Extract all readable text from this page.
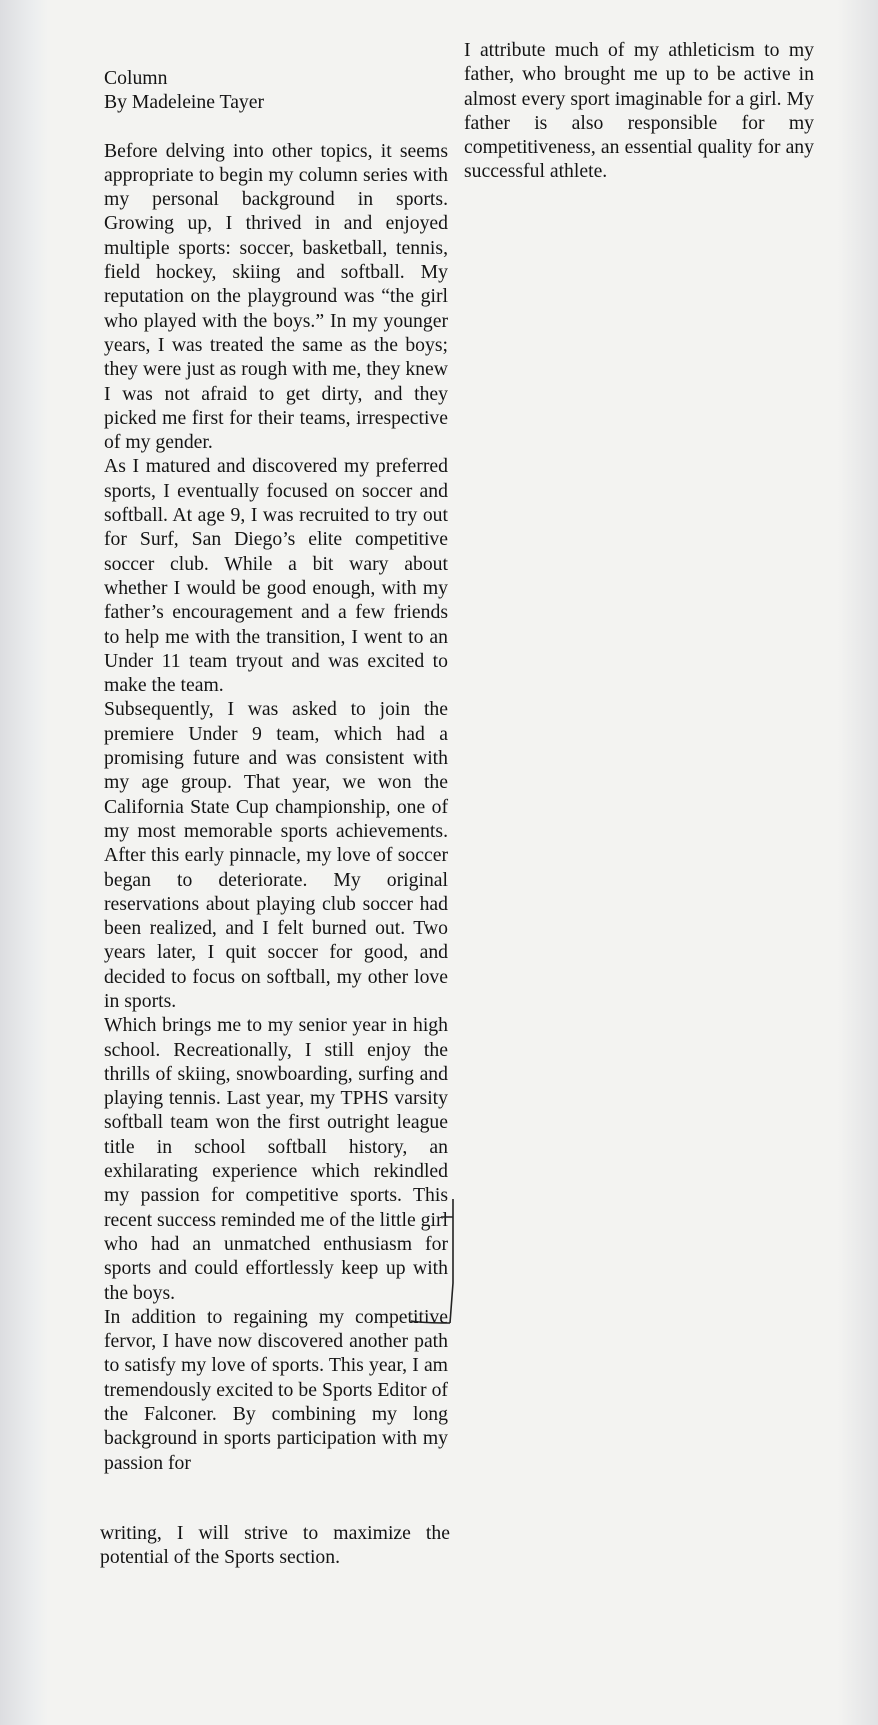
Column
By Madeleine Tayer

Before delving into other topics, it seems appropriate to begin my column series with my personal background in sports. Growing up, I thrived in and enjoyed multiple sports: soccer, basketball, tennis, field hockey, skiing and softball. My reputation on the playground was “the girl who played with the boys.” In my younger years, I was treated the same as the boys; they were just as rough with me, they knew I was not afraid to get dirty, and they picked me first for their teams, irrespective of my gender.

As I matured and discovered my preferred sports, I eventually focused on soccer and softball. At age 9, I was recruited to try out for Surf, San Diego’s elite competitive soccer club. While a bit wary about whether I would be good enough, with my father’s encouragement and a few friends to help me with the transition, I went to an Under 11 team tryout and was excited to make the team.

Subsequently, I was asked to join the premiere Under 9 team, which had a promising future and was consistent with my age group. That year, we won the California State Cup championship, one of my most memorable sports achievements. After this early pinnacle, my love of soccer began to deteriorate. My original reservations about playing club soccer had been realized, and I felt burned out. Two years later, I quit soccer for good, and decided to focus on softball, my other love in sports.

Which brings me to my senior year in high school. Recreationally, I still enjoy the thrills of skiing, snowboarding, surfing and playing tennis. Last year, my TPHS varsity softball team won the first outright league title in school softball history, an exhilarating experience which rekindled my passion for competitive sports. This recent success reminded me of the little girl who had an unmatched enthusiasm for sports and could effortlessly keep up with the boys.

In addition to regaining my competitive fervor, I have now discovered another path to satisfy my love of sports. This year, I am tremendously excited to be Sports Editor of the Falconer. By combining my long background in sports participation with my passion for

writing, I will strive to maximize the potential of the Sports section.

I attribute much of my athleticism to my father, who brought me up to be active in almost every sport imaginable for a girl. My father is also responsible for my competitiveness, an essential quality for any successful athlete.
